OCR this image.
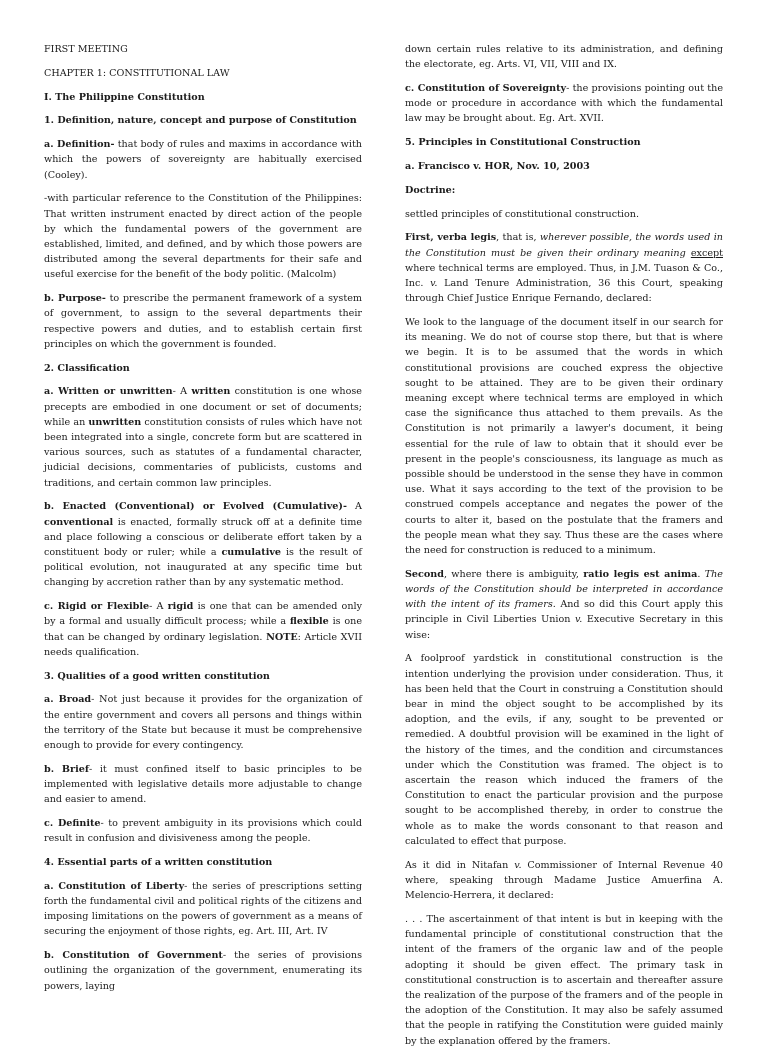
FIRST MEETING

CHAPTER 1: CONSTITUTIONAL LAW

I. The Philippine Constitution

1. Definition, nature, concept and purpose of Constitution

a. Definition- that body of rules and maxims in accordance with which the powers of sovereignty are habitually exercised (Cooley).

-with particular reference to the Constitution of the Philippines: That written instrument enacted by direct action of the people by which the fundamental powers of the government are established, limited, and defined, and by which those powers are distributed among the several departments for their safe and useful exercise for the benefit of the body politic. (Malcolm)

b. Purpose- to prescribe the permanent framework of a system of government, to assign to the several departments their respective powers and duties, and to establish certain first principles on which the government is founded.

2. Classification

a. Written or unwritten- A written constitution is one whose precepts are embodied in one document or set of documents; while an unwritten constitution consists of rules which have not been integrated into a single, concrete form but are scattered in various sources, such as statutes of a fundamental character, judicial decisions, commentaries of publicists, customs and traditions, and certain common law principles.

b. Enacted (Conventional) or Evolved (Cumulative)- A conventional is enacted, formally struck off at a definite time and place following a conscious or deliberate effort taken by a constituent body or ruler; while a cumulative is the result of political evolution, not inaugurated at any specific time but changing by accretion rather than by any systematic method.

c. Rigid or Flexible- A rigid is one that can be amended only by a formal and usually difficult process; while a flexible is one that can be changed by ordinary legislation. NOTE: Article XVII needs qualification.

3. Qualities of a good written constitution

a. Broad- Not just because it provides for the organization of the entire government and covers all persons and things within the territory of the State but because it must be comprehensive enough to provide for every contingency.

b. Brief- it must confined itself to basic principles to be implemented with legislative details more adjustable to change and easier to amend.

c. Definite- to prevent ambiguity in its provisions which could result in confusion and divisiveness among the people.

4. Essential parts of a written constitution

a. Constitution of Liberty- the series of prescriptions setting forth the fundamental civil and political rights of the citizens and imposing limitations on the powers of government as a means of securing the enjoyment of those rights, eg. Art. III, Art. IV

b. Constitution of Government- the series of provisions outlining the organization of the government, enumerating its powers, laying

down certain rules relative to its administration, and defining the electorate, eg. Arts. VI, VII, VIII and IX.

c. Constitution of Sovereignty- the provisions pointing out the mode or procedure in accordance with which the fundamental law may be brought about. Eg. Art. XVII.

5. Principles in Constitutional Construction

a. Francisco v. HOR, Nov. 10, 2003

Doctrine:

settled principles of constitutional construction.

First, verba legis, that is, wherever possible, the words used in the Constitution must be given their ordinary meaning except where technical terms are employed. Thus, in J.M. Tuason & Co., Inc. v. Land Tenure Administration, 36 this Court, speaking through Chief Justice Enrique Fernando, declared:

We look to the language of the document itself in our search for its meaning. We do not of course stop there, but that is where we begin. It is to be assumed that the words in which constitutional provisions are couched express the objective sought to be attained. They are to be given their ordinary meaning except where technical terms are employed in which case the significance thus attached to them prevails. As the Constitution is not primarily a lawyer's document, it being essential for the rule of law to obtain that it should ever be present in the people's consciousness, its language as much as possible should be understood in the sense they have in common use. What it says according to the text of the provision to be construed compels acceptance and negates the power of the courts to alter it, based on the postulate that the framers and the people mean what they say. Thus these are the cases where the need for construction is reduced to a minimum.

Second, where there is ambiguity, ratio legis est anima. The words of the Constitution should be interpreted in accordance with the intent of its framers. And so did this Court apply this principle in Civil Liberties Union v. Executive Secretary in this wise:

A foolproof yardstick in constitutional construction is the intention underlying the provision under consideration. Thus, it has been held that the Court in construing a Constitution should bear in mind the object sought to be accomplished by its adoption, and the evils, if any, sought to be prevented or remedied. A doubtful provision will be examined in the light of the history of the times, and the condition and circumstances under which the Constitution was framed. The object is to ascertain the reason which induced the framers of the Constitution to enact the particular provision and the purpose sought to be accomplished thereby, in order to construe the whole as to make the words consonant to that reason and calculated to effect that purpose.

As it did in Nitafan v. Commissioner of Internal Revenue 40 where, speaking through Madame Justice Amuerfina A. Melencio-Herrera, it declared:

. . . The ascertainment of that intent is but in keeping with the fundamental principle of constitutional construction that the intent of the framers of the organic law and of the people adopting it should be given effect. The primary task in constitutional construction is to ascertain and thereafter assure the realization of the purpose of the framers and of the people in the adoption of the Constitution. It may also be safely assumed that the people in ratifying the Constitution were guided mainly by the explanation offered by the framers.
